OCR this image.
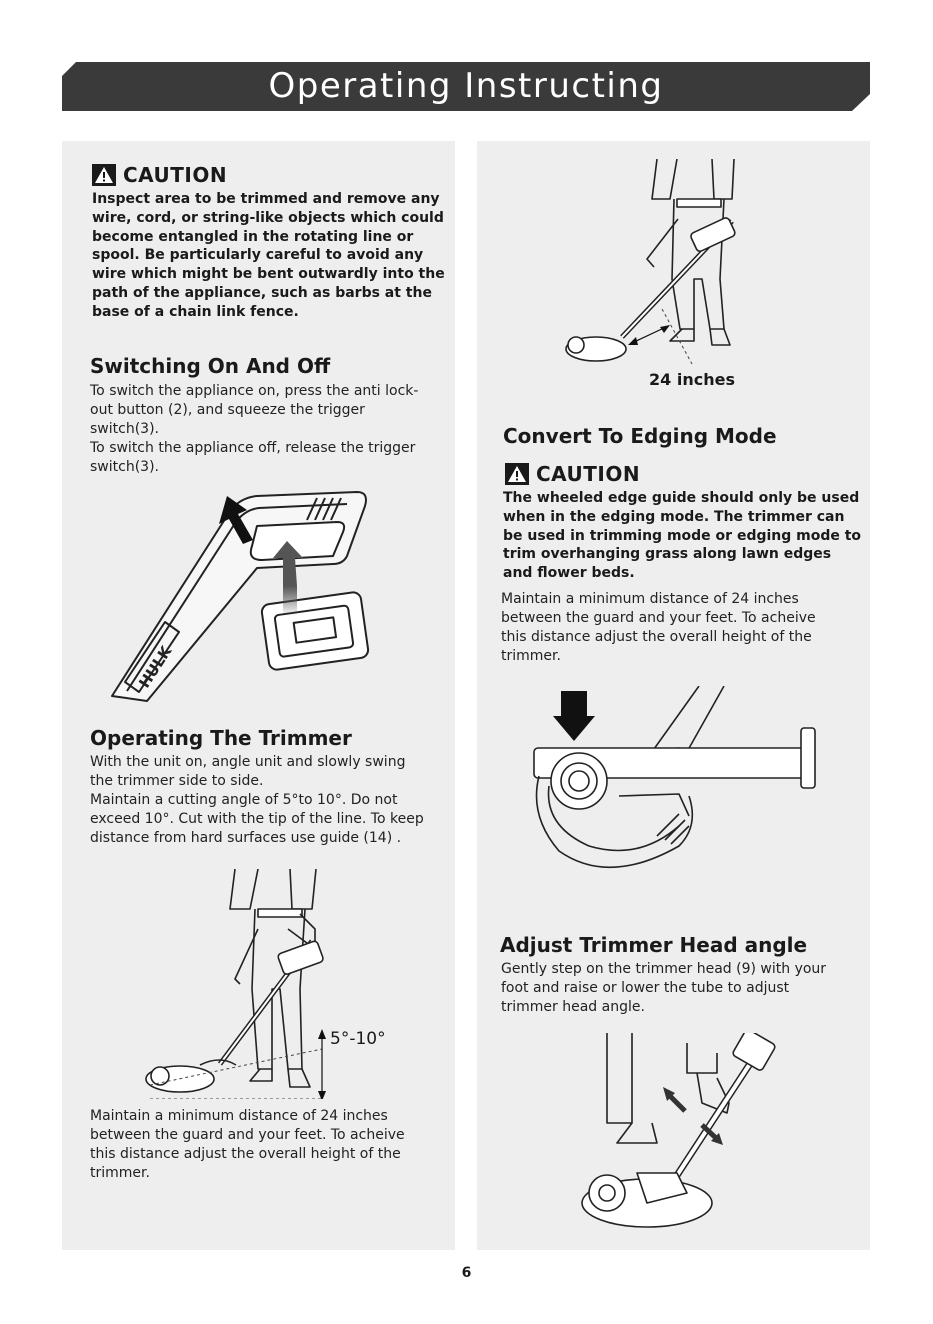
Operating Instructing
CAUTION
Inspect area to be trimmed and remove any
wire, cord, or string-like objects which could
become entangled in the rotating line or
spool. Be particularly careful to avoid any
wire which might be bent outwardly into the
path of the appliance, such as barbs at the
base of a chain link fence.
Switching On And Off
To switch the appliance on, press the anti lock-
out button (2), and squeeze the trigger
switch(3).
To switch the appliance off, release the trigger
switch(3).
HULK
Operating The Trimmer
With the unit on, angle unit and slowly swing
the trimmer side to side.
Maintain a cutting angle of 5°to 10°. Do not
exceed 10°. Cut with the tip of the line. To keep
distance from hard surfaces use guide (14) .
5°-10°
Maintain a minimum distance of 24 inches
between the guard and your feet. To acheive
this distance adjust the overall height of the
trimmer.
24 inches
Convert To Edging Mode
CAUTION
The wheeled edge guide should only be used
when in the edging mode. The trimmer can
be used in trimming mode or edging mode to
trim overhanging grass along lawn edges
and flower beds.
Maintain a minimum distance of 24 inches
between the guard and your feet. To acheive
this distance adjust the overall height of the
trimmer.
Adjust Trimmer Head angle
Gently step on the trimmer head (9) with your
foot and raise or lower the tube to adjust
trimmer head angle.
6
